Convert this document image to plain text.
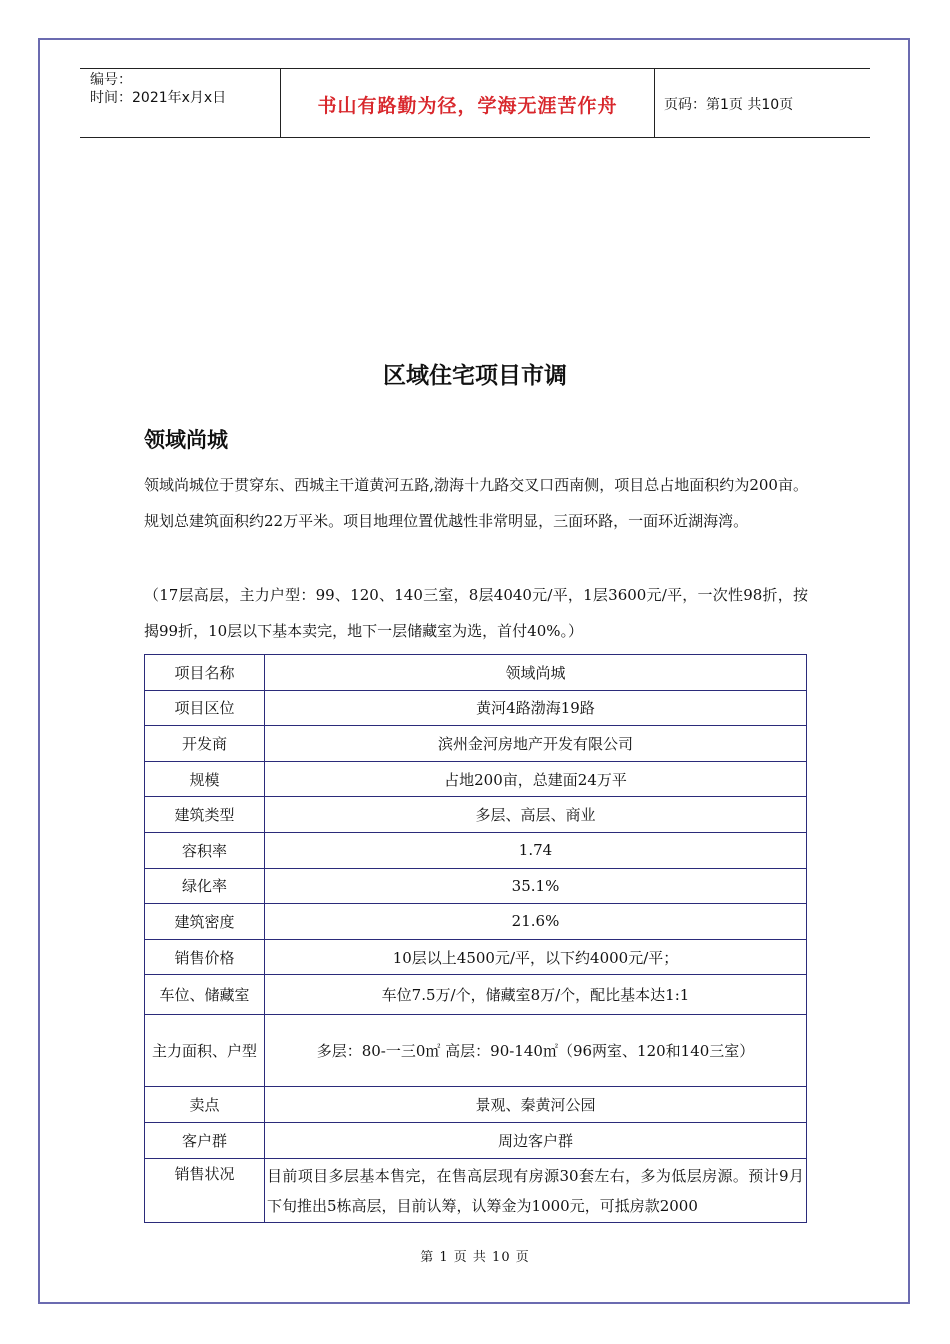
编号：
时间：2021年x月x日	书山有路勤为径，学海无涯苦作舟	页码：第1页 共10页
区域住宅项目市调
领域尚城

领域尚城位于贯穿东、西城主干道黄河五路,渤海十九路交叉口西南侧，项目总占地面积约为200亩。规划总建筑面积约22万平米。项目地理位置优越性非常明显，三面环路，一面环近湖海湾。

（17层高层，主力户型：99、120、140三室，8层4040元/平，1层3600元/平，一次性98折，按揭99折，10层以下基本卖完，地下一层储藏室为选，首付40%。）

项目名称	领域尚城
项目区位	黄河4路渤海19路
开发商	滨州金河房地产开发有限公司
规模	占地200亩，总建面24万平
建筑类型	多层、高层、商业
容积率	1.74
绿化率	35.1%
建筑密度	21.6%
销售价格	10层以上4500元/平，以下约4000元/平；
车位、储藏室	车位7.5万/个，储藏室8万/个，配比基本达1:1
主力面积、户型	多层：80-一三0㎡ 高层：90-140㎡（96两室、120和140三室）
卖点	景观、秦黄河公园
客户群	周边客户群
销售状况	目前项目多层基本售完，在售高层现有房源30套左右，多为低层房源。预计9月下旬推出5栋高层，目前认筹，认筹金为1000元，可抵房款2000
第 1 页 共 10 页
